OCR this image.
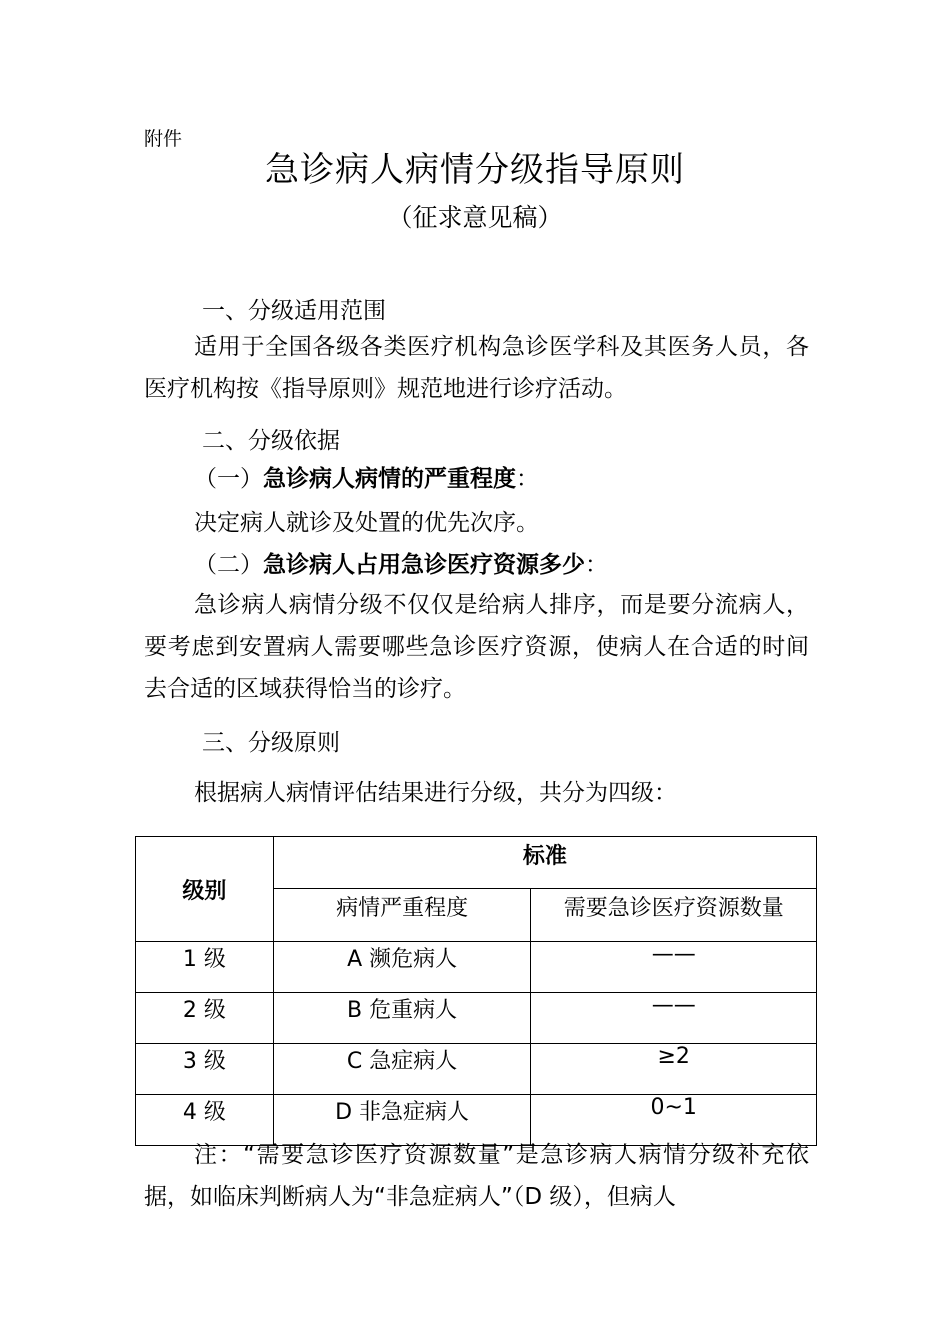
附件
急诊病人病情分级指导原则
（征求意见稿）
一、分级适用范围
适用于全国各级各类医疗机构急诊医学科及其医务人员，各医疗机构按《指导原则》规范地进行诊疗活动。
二、分级依据
（一）急诊病人病情的严重程度：
决定病人就诊及处置的优先次序。
（二）急诊病人占用急诊医疗资源多少：
急诊病人病情分级不仅仅是给病人排序，而是要分流病人，要考虑到安置病人需要哪些急诊医疗资源，使病人在合适的时间去合适的区域获得恰当的诊疗。
三、分级原则
根据病人病情评估结果进行分级，共分为四级：
级别	标准	
	病情严重程度	需要急诊医疗资源数量
1 级	A 濒危病人	——
2 级	B 危重病人	——
3 级	C 急症病人	≥2
4 级	D 非急症病人	0~1
注：“需要急诊医疗资源数量”是急诊病人病情分级补充依据，如临床判断病人为“非急症病人”（D 级），但病人
